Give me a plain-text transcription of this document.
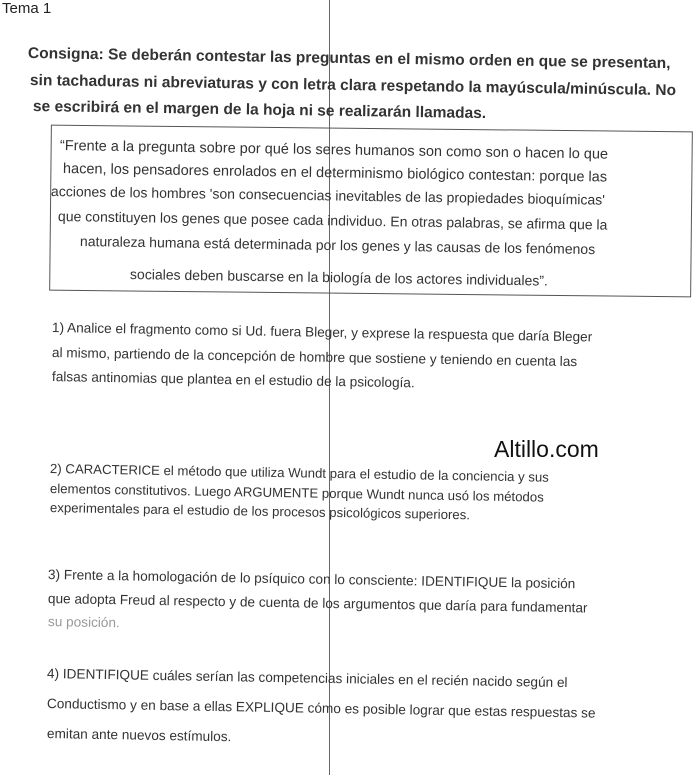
Tema 1
Consigna: Se deberán contestar las preguntas en el mismo orden en que se presentan,
sin tachaduras ni abreviaturas y con letra clara respetando la mayúscula/minúscula. No
se escribirá en el margen de la hoja ni se realizarán llamadas.
“Frente a la pregunta sobre por qué los seres humanos son como son o hacen lo que
hacen, los pensadores enrolados en el determinismo biológico contestan: porque las
acciones de los hombres 'son consecuencias inevitables de las propiedades bioquímicas'
que constituyen los genes que posee cada individuo. En otras palabras, se afirma que la
naturaleza humana está determinada por los genes y las causas de los fenómenos
sociales deben buscarse en la biología de los actores individuales”.
1) Analice el fragmento como si Ud. fuera Bleger, y exprese la respuesta que daría Bleger
al mismo, partiendo de la concepción de hombre que sostiene y teniendo en cuenta las
falsas antinomias que plantea en el estudio de la psicología.
Altillo.com
2) CARACTERICE el método que utiliza Wundt para el estudio de la conciencia y sus
elementos constitutivos. Luego ARGUMENTE porque Wundt nunca usó los métodos
experimentales para el estudio de los procesos psicológicos superiores.
3) Frente a la homologación de lo psíquico con lo consciente: IDENTIFIQUE la posición
que adopta Freud al respecto y de cuenta de los argumentos que daría para fundamentar
su posición.
4) IDENTIFIQUE cuáles serían las competencias iniciales en el recién nacido según el
Conductismo y en base a ellas EXPLIQUE cómo es posible lograr que estas respuestas se
emitan ante nuevos estímulos.
